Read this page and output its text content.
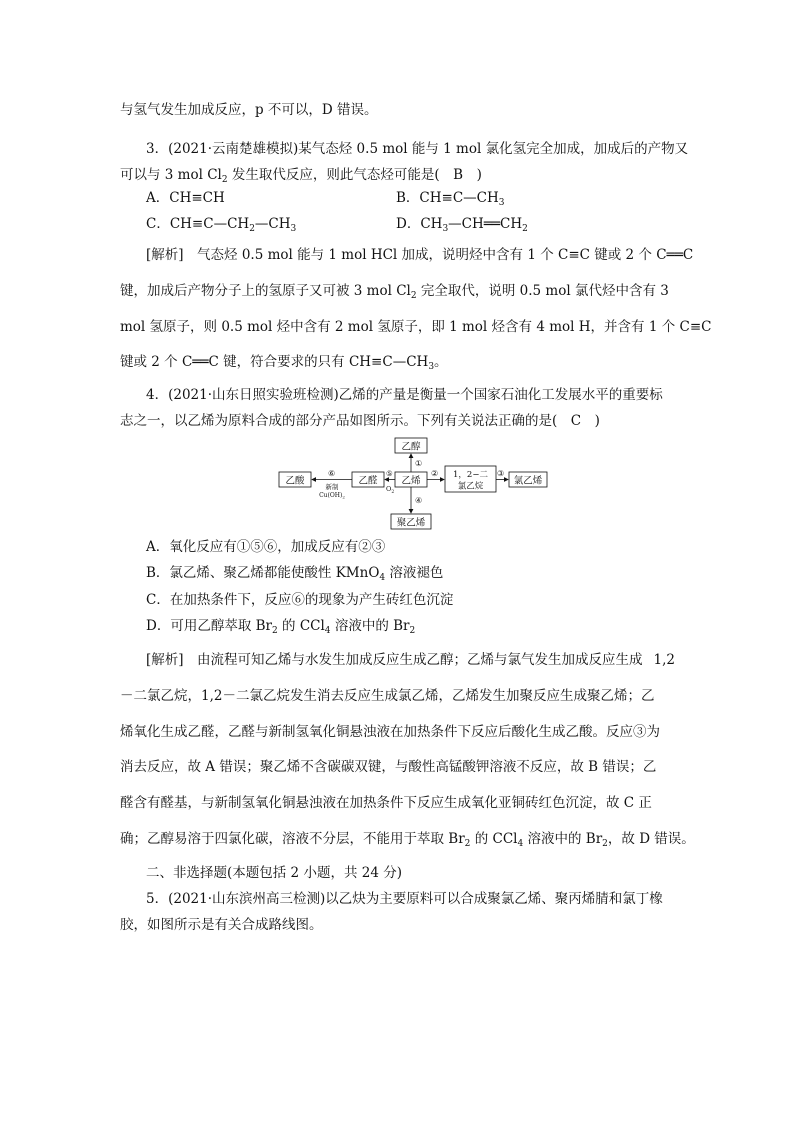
与氢气发生加成反应，p 不可以，D 错误。
3．(2021·云南楚雄模拟)某气态烃 0.5 mol 能与 1 mol 氯化氢完全加成，加成后的产物又
可以与 3 mol $Cl_2$ 发生取代反应，则此气态烃可能是(　B　)
A．CH≡CH	B．$CH\equiv C—CH_3$
C．$CH\equiv C—CH_2—CH_3$	D．$CH_3—CH══CH_2$
[解析]　气态烃 0.5 mol 能与 1 mol HCl 加成，说明烃中含有 1 个 C≡C 键或 2 个 C══C
键，加成后产物分子上的氢原子又可被 3 mol $Cl_2$ 完全取代，说明 0.5 mol 氯代烃中含有 3
mol 氢原子，则 0.5 mol 烃中含有 2 mol 氢原子，即 1 mol 烃含有 4 mol H，并含有 1 个 C≡C
键或 2 个 C══C 键，符合要求的只有 $CH\equiv C—CH_3$。
4．(2021·山东日照实验班检测)乙烯的产量是衡量一个国家石油化工发展水平的重要标
志之一，以乙烯为原料合成的部分产品如图所示。下列有关说法正确的是(　C　)
乙酸	乙醛	乙烯
乙醇
1，2−二
氯乙烷	氯乙烯
聚乙烯
①
②	③
④
⑤
⑥
$O_2$
新制
$Cu(OH)_2$
A．氧化反应有①⑤⑥，加成反应有②③
B．氯乙烯、聚乙烯都能使酸性 KMnO$_4$ 溶液褪色
C．在加热条件下，反应⑥的现象为产生砖红色沉淀
D．可用乙醇萃取 $Br_2$ 的 CCl$_4$ 溶液中的 $Br_2$
[解析]　由流程可知乙烯与水发生加成反应生成乙醇；乙烯与氯气发生加成反应生成 1,2
－二氯乙烷，1,2－二氯乙烷发生消去反应生成氯乙烯，乙烯发生加聚反应生成聚乙烯；乙
烯氧化生成乙醛，乙醛与新制氢氧化铜悬浊液在加热条件下反应后酸化生成乙酸。反应③为
消去反应，故 A 错误；聚乙烯不含碳碳双键，与酸性高锰酸钾溶液不反应，故 B 错误；乙
醛含有醛基，与新制氢氧化铜悬浊液在加热条件下反应生成氧化亚铜砖红色沉淀，故 C 正
确；乙醇易溶于四氯化碳，溶液不分层，不能用于萃取 $Br_2$ 的 CCl$_4$ 溶液中的 $Br_2$，故 D 错误。
二、非选择题(本题包括 2 小题，共 24 分)
5．(2021·山东滨州高三检测)以乙炔为主要原料可以合成聚氯乙烯、聚丙烯腈和氯丁橡
胶，如图所示是有关合成路线图。
